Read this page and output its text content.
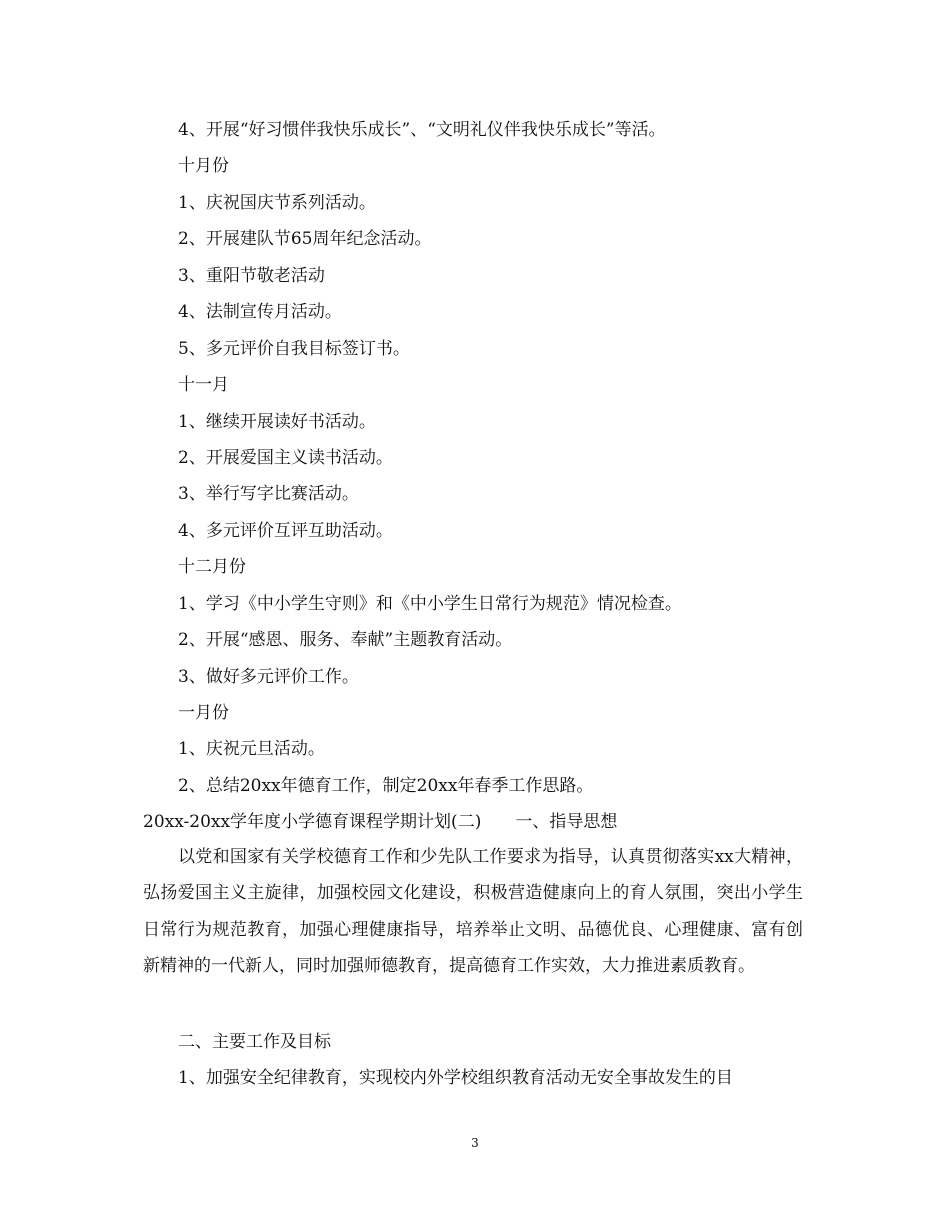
4、开展“好习惯伴我快乐成长”、“文明礼仪伴我快乐成长”等活。
十月份
1、庆祝国庆节系列活动。
2、开展建队节65周年纪念活动。
3、重阳节敬老活动
4、法制宣传月活动。
5、多元评价自我目标签订书。
十一月
1、继续开展读好书活动。
2、开展爱国主义读书活动。
3、举行写字比赛活动。
4、多元评价互评互助活动。
十二月份
1、学习《中小学生守则》和《中小学生日常行为规范》情况检查。
2、开展“感恩、服务、奉献”主题教育活动。
3、做好多元评价工作。
一月份
1、庆祝元旦活动。
2、总结20xx年德育工作，制定20xx年春季工作思路。
20xx-20xx学年度小学德育课程学期计划(二)　　一、指导思想
以党和国家有关学校德育工作和少先队工作要求为指导，认真贯彻落实xx大精神，弘扬爱国主义主旋律，加强校园文化建设，积极营造健康向上的育人氛围，突出小学生日常行为规范教育，加强心理健康指导，培养举止文明、品德优良、心理健康、富有创新精神的一代新人，同时加强师德教育，提高德育工作实效，大力推进素质教育。
二、主要工作及目标
1、加强安全纪律教育，实现校内外学校组织教育活动无安全事故发生的目
3
